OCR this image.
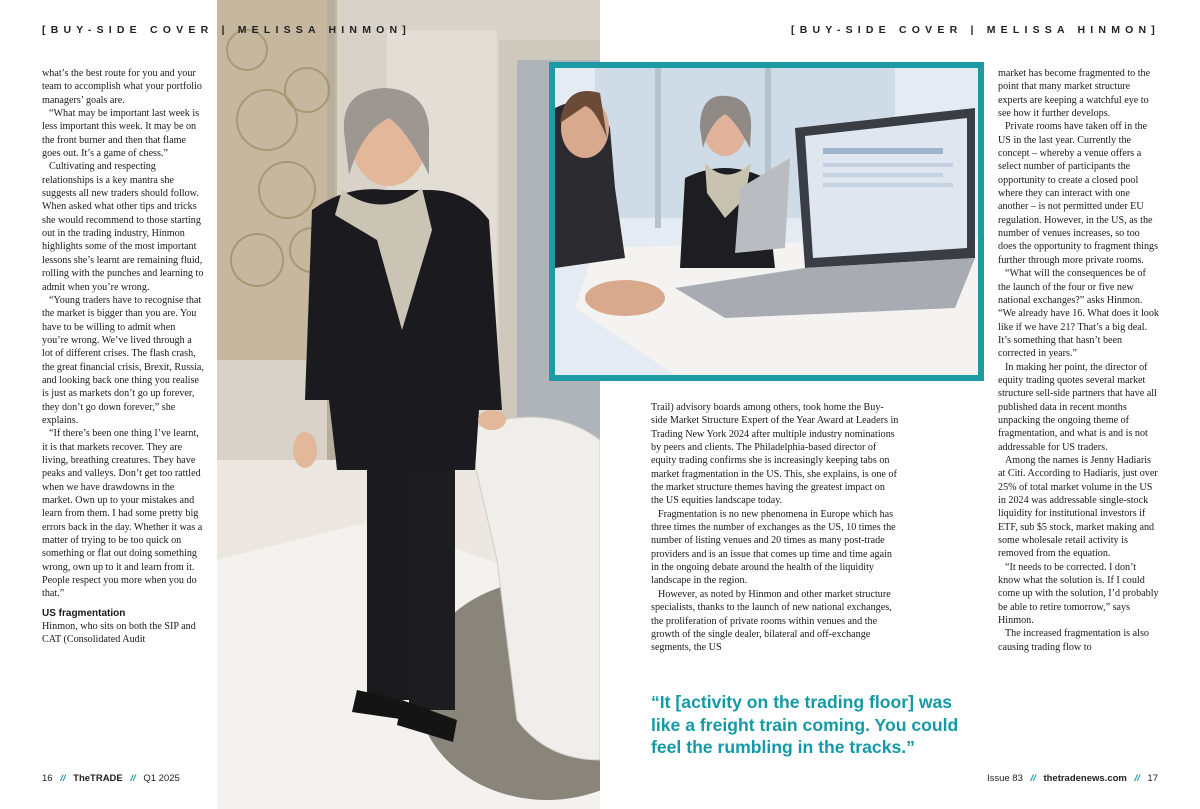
[BUY-SIDE COVER | MELISSA HINMON]	[BUY-SIDE COVER | MELISSA HINMON]

what’s the best route for you and your team to accomplish what your portfolio managers’ goals are.

“What may be important last week is less important this week. It may be on the front burner and then that flame goes out. It’s a game of chess.”

Cultivating and respecting relationships is a key mantra she suggests all new traders should follow. When asked what other tips and tricks she would recommend to those starting out in the trading industry, Hinmon highlights some of the most important lessons she’s learnt are remaining fluid, rolling with the punches and learning to admit when you’re wrong.

“Young traders have to recognise that the market is bigger than you are. You have to be willing to admit when you’re wrong. We’ve lived through a lot of different crises. The flash crash, the great financial crisis, Brexit, Russia, and looking back one thing you realise is just as markets don’t go up forever, they don’t go down forever,” she explains.

“If there’s been one thing I’ve learnt, it is that markets recover. They are living, breathing creatures. They have peaks and valleys. Don’t get too rattled when we have drawdowns in the market. Own up to your mistakes and learn from them. I had some pretty big errors back in the day. Whether it was a matter of trying to be too quick on something or flat out doing something wrong, own up to it and learn from it. People respect you more when you do that.”

US fragmentation

Hinmon, who sits on both the SIP and CAT (Consolidated Audit

Trail) advisory boards among others, took home the Buy-side Market Structure Expert of the Year Award at Leaders in Trading New York 2024 after multiple industry nominations by peers and clients. The Philadelphia-based director of equity trading confirms she is increasingly keeping tabs on market fragmentation in the US. This, she explains, is one of the market structure themes having the greatest impact on the US equities landscape today.

Fragmentation is no new phenomena in Europe which has three times the number of exchanges as the US, 10 times the number of listing venues and 20 times as many post-trade providers and is an issue that comes up time and time again in the ongoing debate around the health of the liquidity landscape in the region.

However, as noted by Hinmon and other market structure specialists, thanks to the launch of new national exchanges, the proliferation of private rooms within venues and the growth of the single dealer, bilateral and off-exchange segments, the US

“It [activity on the trading floor] was like a freight train coming. You could feel the rumbling in the tracks.”

market has become fragmented to the point that many market structure experts are keeping a watchful eye to see how it further develops.

Private rooms have taken off in the US in the last year. Currently the concept – whereby a venue offers a select number of participants the opportunity to create a closed pool where they can interact with one another – is not permitted under EU regulation. However, in the US, as the number of venues increases, so too does the opportunity to fragment things further through more private rooms.

“What will the consequences be of the launch of the four or five new national exchanges?” asks Hinmon. “We already have 16. What does it look like if we have 21? That’s a big deal. It’s something that hasn’t been corrected in years.”

In making her point, the director of equity trading quotes several market structure sell-side partners that have all published data in recent months unpacking the ongoing theme of fragmentation, and what is and is not addressable for US traders.

Among the names is Jenny Hadiaris at Citi. According to Hadiaris, just over 25% of total market volume in the US in 2024 was addressable single-stock liquidity for institutional investors if ETF, sub $5 stock, market making and some wholesale retail activity is removed from the equation.

“It needs to be corrected. I don’t know what the solution is. If I could come up with the solution, I’d probably be able to retire tomorrow,” says Hinmon.

The increased fragmentation is also causing trading flow to

16 // TheTRADE // Q1 2025	Issue 83 // thetradenews.com // 17
